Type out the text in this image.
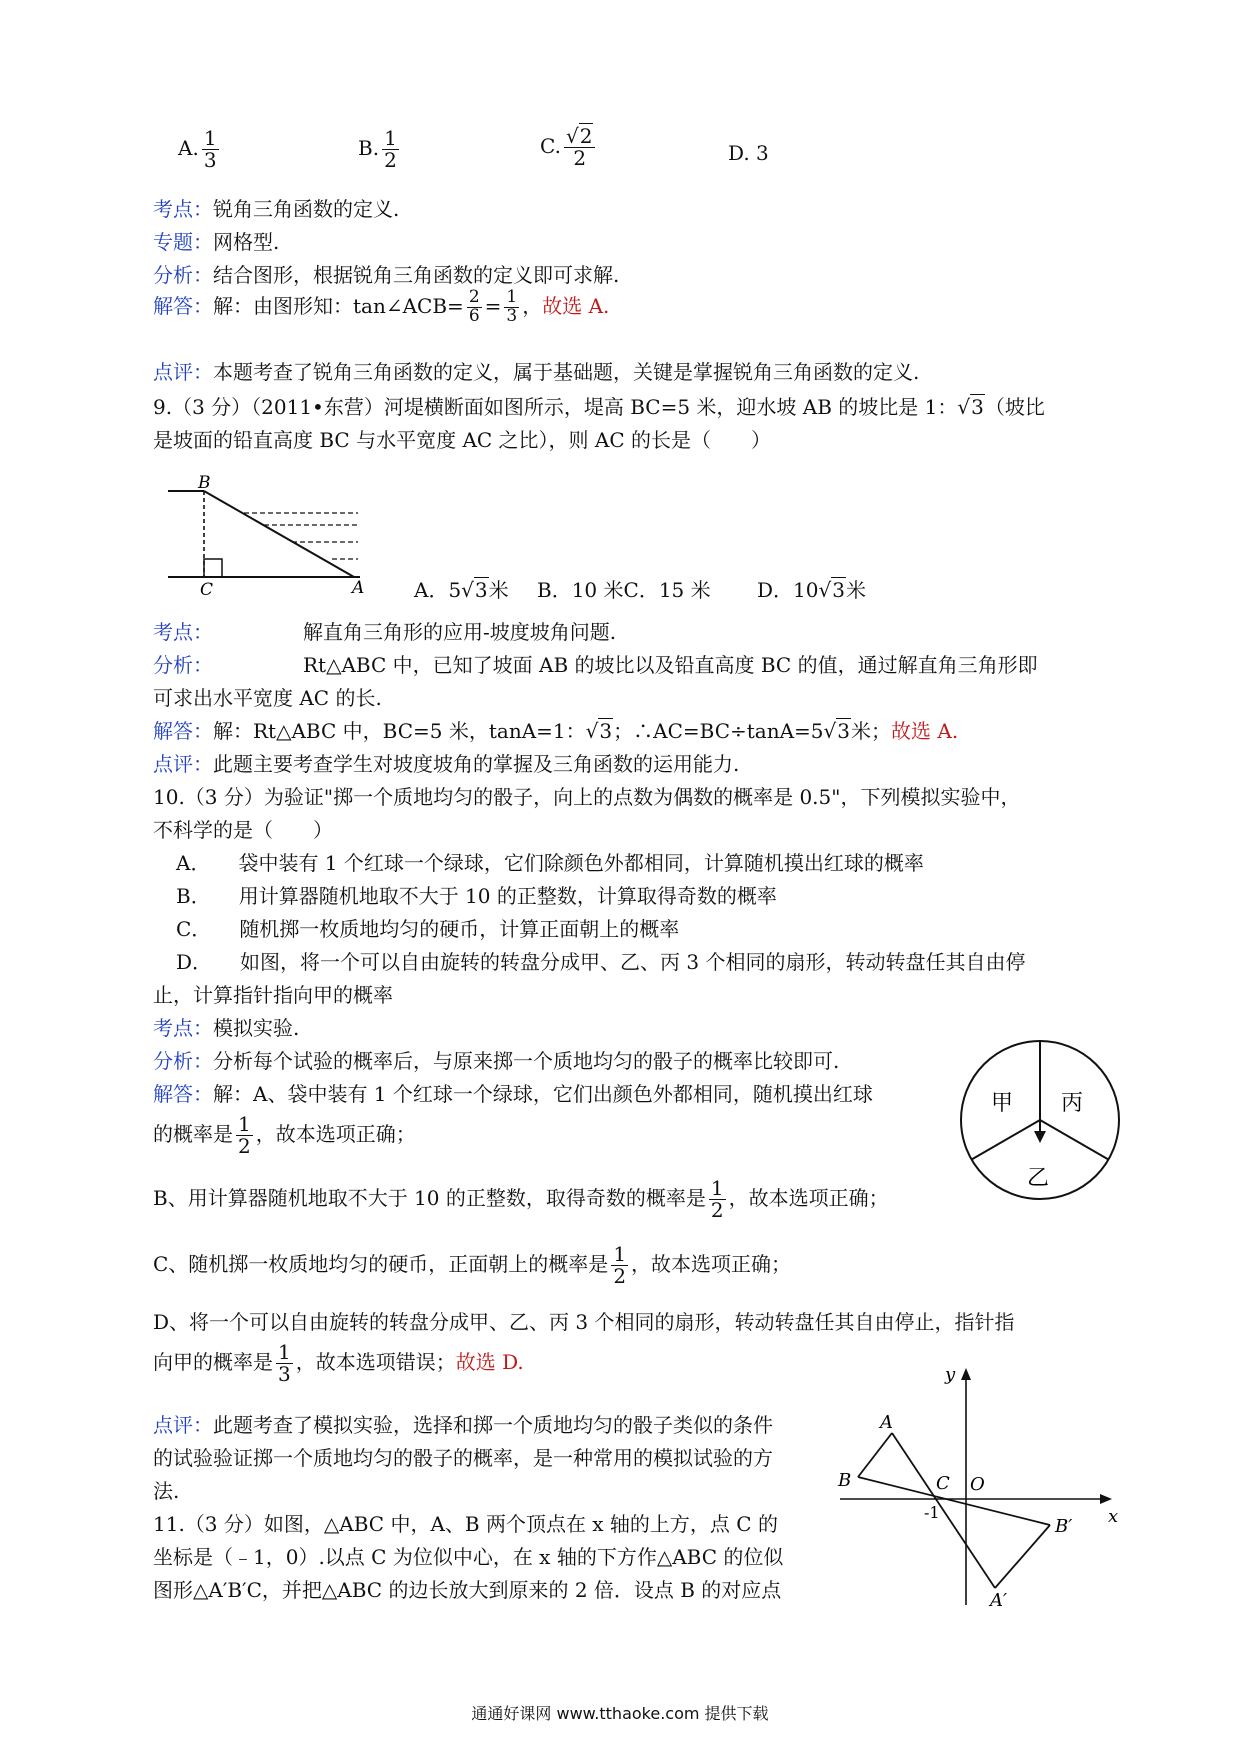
A. $\frac{1}{3}$	B. $\frac{1}{2}$	C. $\frac{√2}{2}$	D. 3
考点：锐角三角函数的定义.
专题：网格型.
分析：结合图形，根据锐角三角函数的定义即可求解.
解答：解：由图形知：tan∠ACB= $\frac{2}{6} = \frac{1}{3}$ ，故选 A.
点评：本题考查了锐角三角函数的定义，属于基础题，关键是掌握锐角三角函数的定义.
9.（3 分）（2011•东营）河堤横断面如图所示，堤高 BC=5 米，迎水坡 AB 的坡比是 1：√3（坡比
是坡面的铅直高度 BC 与水平宽度 AC 之比），则 AC 的长是（　　）
B
C	A A．5√3米 B．10 米C．15 米 D．10√3米
考点：	解直角三角形的应用-坡度坡角问题.
分析：	Rt△ABC 中，已知了坡面 AB 的坡比以及铅直高度 BC 的值，通过解直角三角形即
可求出水平宽度 AC 的长.
解答：解：Rt△ABC 中，BC=5 米，tanA=1：√3；∴AC=BC÷tanA=5√3米；故选 A.
点评：此题主要考查学生对坡度坡角的掌握及三角函数的运用能力.
10.（3 分）为验证"掷一个质地均匀的骰子，向上的点数为偶数的概率是 0.5"，下列模拟实验中，
不科学的是（　　）
A． 袋中装有 1 个红球一个绿球，它们除颜色外都相同，计算随机摸出红球的概率
B． 用计算器随机地取不大于 10 的正整数，计算取得奇数的概率
C． 随机掷一枚质地均匀的硬币，计算正面朝上的概率
D． 如图，将一个可以自由旋转的转盘分成甲、乙、丙 3 个相同的扇形，转动转盘任其自由停
止，计算指针指向甲的概率
考点：模拟实验.
分析：分析每个试验的概率后，与原来掷一个质地均匀的骰子的概率比较即可.
解答：解：A、袋中装有 1 个红球一个绿球，它们出颜色外都相同，随机摸出红球
的概率是 $\frac{1}{2}$ ，故本选项正确；
B、用计算器随机地取不大于 10 的正整数，取得奇数的概率是 $\frac{1}{2}$ ，故本选项正确；
C、随机掷一枚质地均匀的硬币，正面朝上的概率是 $\frac{1}{2}$ ，故本选项正确；
D、将一个可以自由旋转的转盘分成甲、乙、丙 3 个相同的扇形，转动转盘任其自由停止，指针指
向甲的概率是 $\frac{1}{3}$ ，故本选项错误；故选 D.
甲 丙
乙
点评：此题考查了模拟实验，选择和掷一个质地均匀的骰子类似的条件
的试验验证掷一个质地均匀的骰子的概率，是一种常用的模拟试验的方
法.
11.（3 分）如图，△ABC 中，A、B 两个顶点在 x 轴的上方，点 C 的
坐标是（﹣1，0）.以点 C 为位似中心，在 x 轴的下方作△ABC 的位似
图形△A′B′C，并把△ABC 的边长放大到原来的 2 倍．设点 B 的对应点
y
x
A
B	C O
-1
B′
A′
通通好课网 www.tthaoke.com 提供下载
